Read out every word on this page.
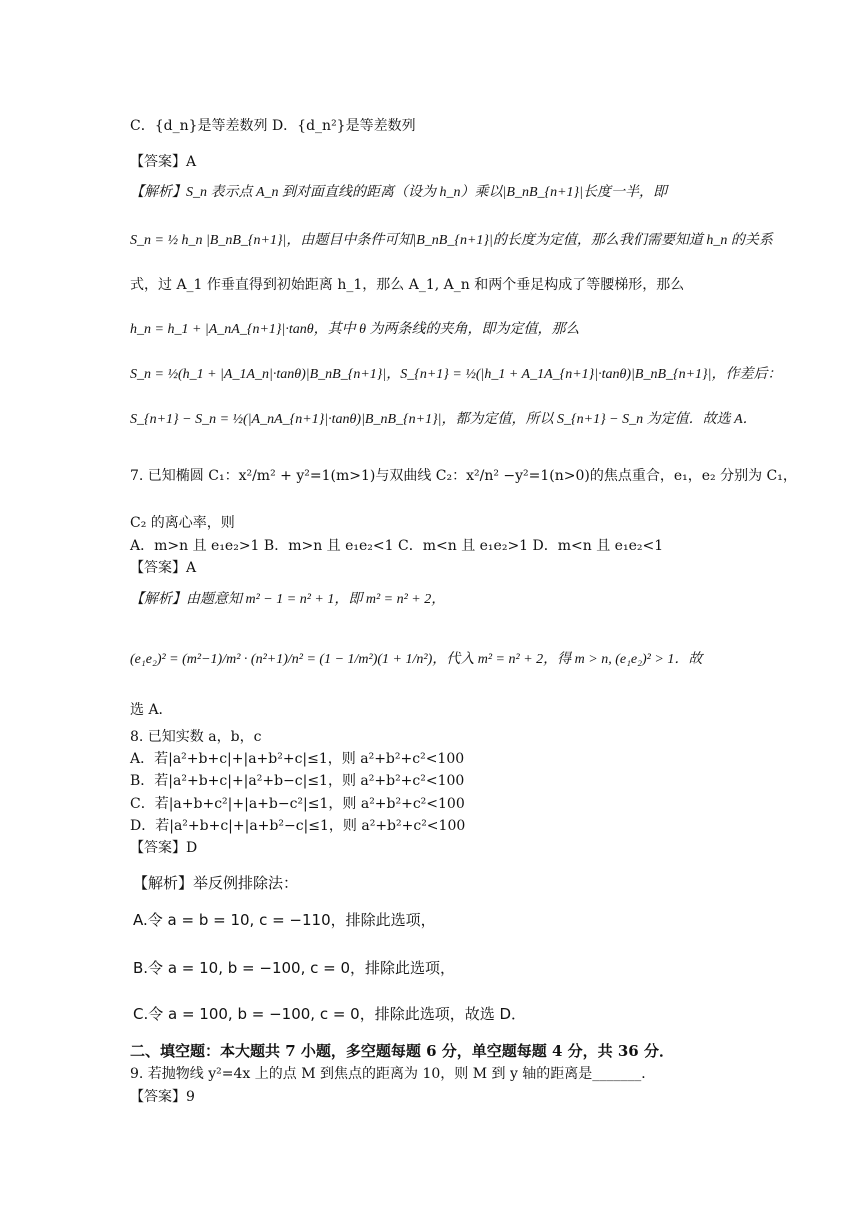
C．{d_n}是等差数列 D．{d_n²}是等差数列
【答案】A
【解析】S_n 表示点 A_n 到对面直线的距离（设为 h_n）乘以|B_nB_{n+1}|长度一半，即
S_n = ½ h_n |B_nB_{n+1}|，由题目中条件可知|B_nB_{n+1}|的长度为定值，那么我们需要知道 h_n 的关系
式，过 A_1 作垂直得到初始距离 h_1，那么 A_1, A_n 和两个垂足构成了等腰梯形，那么
h_n = h_1 + |A_nA_{n+1}|·tanθ，其中 θ 为两条线的夹角，即为定值，那么
S_n = ½(h_1 + |A_1A_n|·tanθ)|B_nB_{n+1}|，S_{n+1} = ½(|h_1 + A_1A_{n+1}|·tanθ)|B_nB_{n+1}|，作差后：
S_{n+1} − S_n = ½(|A_nA_{n+1}|·tanθ)|B_nB_{n+1}|，都为定值，所以 S_{n+1} − S_n 为定值．故选 A．
7. 已知椭圆 C₁：x²/m² + y²=1(m>1)与双曲线 C₂：x²/n² −y²=1(n>0)的焦点重合，e₁，e₂ 分别为 C₁，
C₂ 的离心率，则
A．m>n 且 e₁e₂>1 B．m>n 且 e₁e₂<1 C．m<n 且 e₁e₂>1 D．m<n 且 e₁e₂<1
【答案】A
【解析】由题意知 m² − 1 = n² + 1，即 m² = n² + 2，
(e₁e₂)² = (m²−1)/m² · (n²+1)/n² = (1 − 1/m²)(1 + 1/n²)，代入 m² = n² + 2，得 m > n, (e₁e₂)² > 1．故
选 A．
8. 已知实数 a，b，c
A．若|a²+b+c|+|a+b²+c|≤1，则 a²+b²+c²<100
B．若|a²+b+c|+|a²+b−c|≤1，则 a²+b²+c²<100
C．若|a+b+c²|+|a+b−c²|≤1，则 a²+b²+c²<100
D．若|a²+b+c|+|a+b²−c|≤1，则 a²+b²+c²<100
【答案】D
【解析】举反例排除法：
A.令 a = b = 10, c = −110，排除此选项，
B.令 a = 10, b = −100, c = 0，排除此选项，
C.令 a = 100, b = −100, c = 0，排除此选项，故选 D．
二、填空题：本大题共 7 小题，多空题每题 6 分，单空题每题 4 分，共 36 分．
9. 若抛物线 y²=4x 上的点 M 到焦点的距离为 10，则 M 到 y 轴的距离是_______．
【答案】9
